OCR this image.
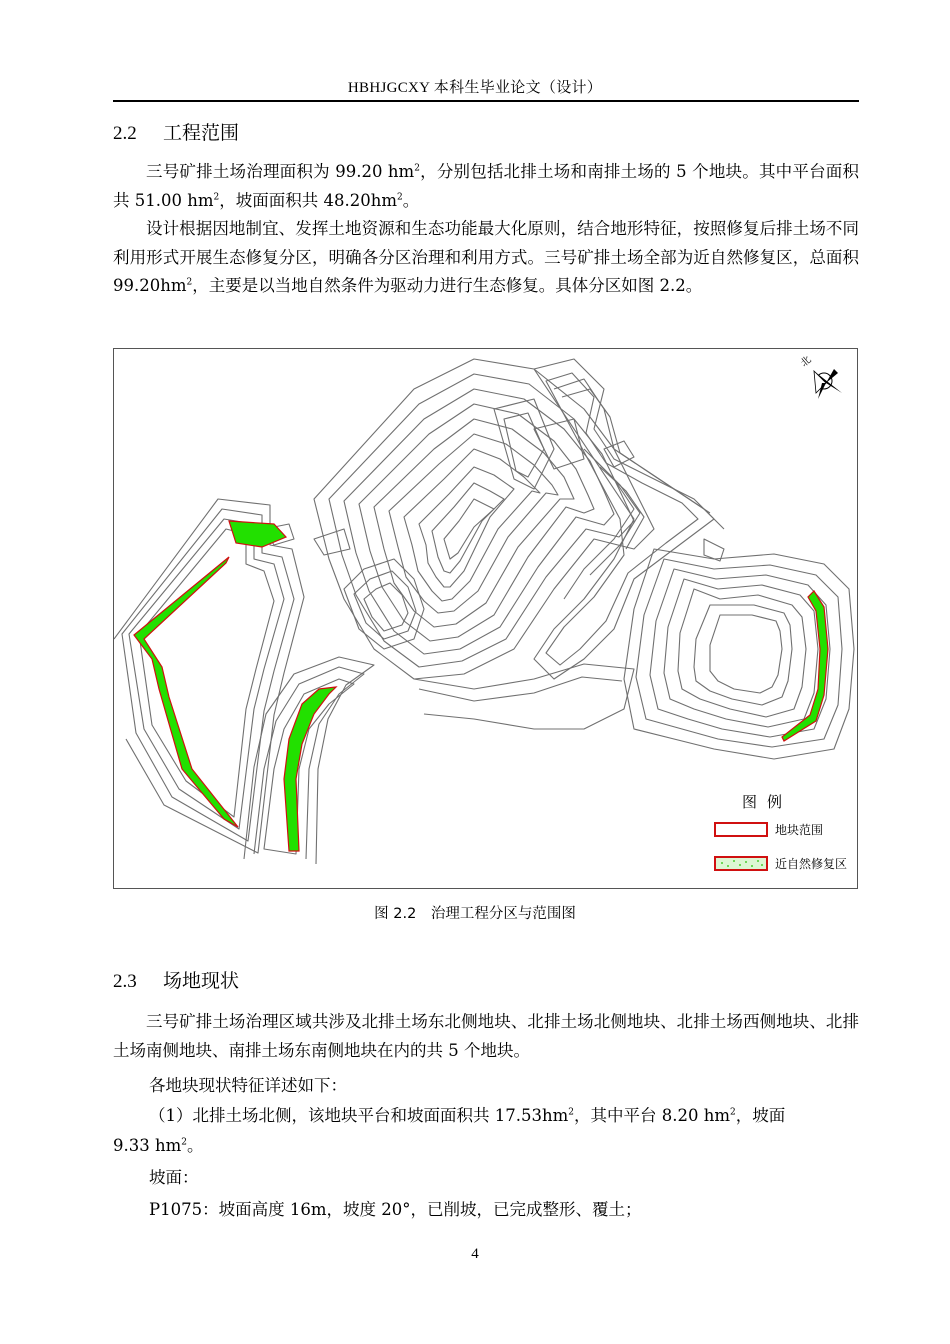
HBHJGCXY 本科生毕业论文（设计）
2.2 工程范围

三号矿排土场治理面积为 99.20 $hm^2$，分别包括北排土场和南排土场的 5 个地块。其中平台面积共 51.00 $hm^2$，坡面面积共 $48.20hm^2$。

设计根据因地制宜、发挥土地资源和生态功能最大化原则，结合地形特征，按照修复后排土场不同利用形式开展生态修复分区，明确各分区治理和利用方式。三号矿排土场全部为近自然修复区，总面积 $99.20hm^2$，主要是以当地自然条件为驱动力进行生态修复。具体分区如图 2.2。

北
图例
地块范围
近自然修复区
图 2.2　治理工程分区与范围图
2.3 场地现状

三号矿排土场治理区域共涉及北排土场东北侧地块、北排土场北侧地块、北排土场西侧地块、北排土场南侧地块、南排土场东南侧地块在内的共 5 个地块。

各地块现状特征详述如下：
（1）北排土场北侧，该地块平台和坡面面积共 $17.53hm^2$，其中平台 8.20 $hm^2$，坡面
9.33 $hm^2$。
坡面：
P1075：坡面高度 16m，坡度 20°，已削坡，已完成整形、覆土；
4
